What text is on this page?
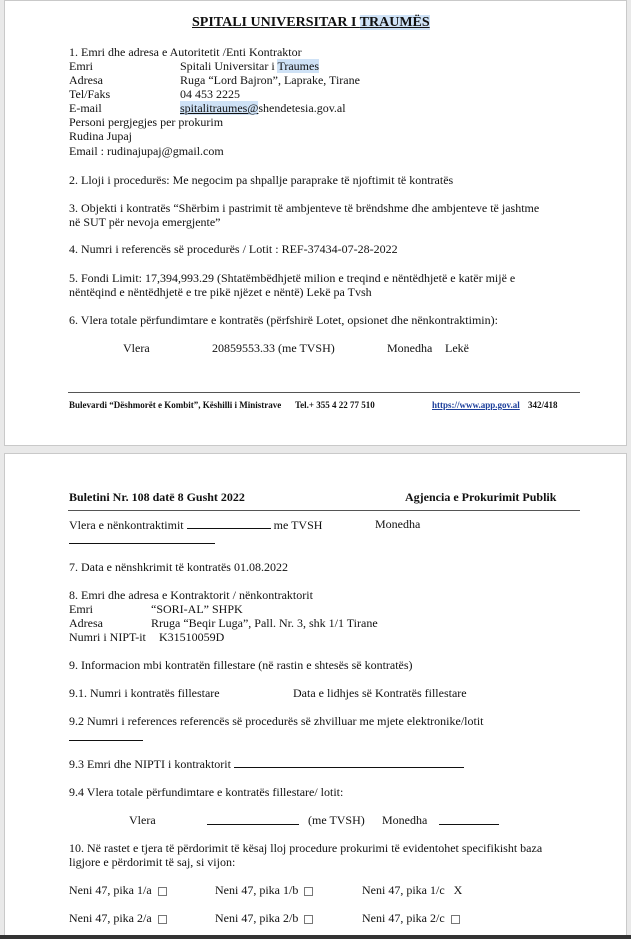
SPITALI UNIVERSITAR I TRAUMËS
1. Emri dhe adresa e Autoritetit /Enti Kontraktor
Emri	Spitali Universitar i Traumes
Adresa	Ruga “Lord Bajron”, Laprake, Tirane
Tel/Faks	04 453 2225
E-mail	spitalitraumes@shendetesia.gov.al
Personi pergjegjes per prokurim
Rudina Jupaj
Email : rudinajupaj@gmail.com
2. Lloji i procedurës: Me negocim pa shpallje paraprake të njoftimit të kontratës
3. Objekti i kontratës “Shërbim i pastrimit të ambjenteve të brëndshme dhe ambjenteve të jashtme
në SUT për nevoja emergjente”
4. Numri i referencës së procedurës / Lotit : REF-37434-07-28-2022
5. Fondi Limit: 17,394,993.29 (Shtatëmbëdhjetë milion e treqind e nëntëdhjetë e katër mijë e
nëntëqind e nëntëdhjetë e tre pikë njëzet e nëntë) Lekë pa Tvsh
6. Vlera totale përfundimtare e kontratës (përfshirë Lotet, opsionet dhe nënkontraktimin):
Vlera	20859553.33 (me TVSH)	Monedha Lekë
Bulevardi “Dëshmorët e Kombit”, Këshilli i Ministrave Tel.+ 355 4 22 77 510	https://www.app.gov.al 342/418
Buletini Nr. 108 datë 8 Gusht 2022	Agjencia e Prokurimit Publik
Vlera e nënkontraktimit	me TVSH	Monedha
7. Data e nënshkrimit të kontratës 01.08.2022
8. Emri dhe adresa e Kontraktorit / nënkontraktorit
Emri	“SORI-AL” SHPK
Adresa	Rruga “Beqir Luga”, Pall. Nr. 3, shk 1/1 Tirane
Numri i NIPT-it K31510059D
9. Informacion mbi kontratën fillestare (në rastin e shtesës së kontratës)
9.1. Numri i kontratës fillestare	Data e lidhjes së Kontratës fillestare
9.2 Numri i references referencës së procedurës së zhvilluar me mjete elektronike/lotit
9.3 Emri dhe NIPTI i kontraktorit
9.4 Vlera totale përfundimtare e kontratës fillestare/ lotit:
Vlera	(me TVSH) Monedha
10. Në rastet e tjera të përdorimit të kësaj lloj procedure prokurimi të evidentohet specifikisht baza
ligjore e përdorimit të saj, si vijon:
Neni 47, pika 1/a	Neni 47, pika 1/b	Neni 47, pika 1/c X
Neni 47, pika 2/a	Neni 47, pika 2/b	Neni 47, pika 2/c
